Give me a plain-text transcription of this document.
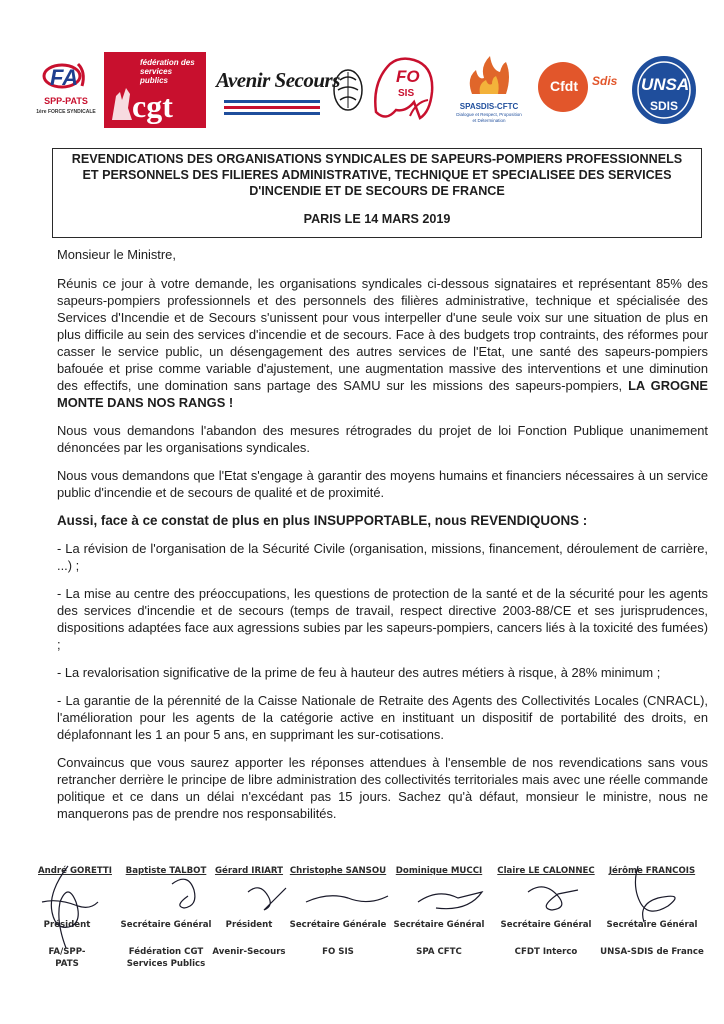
FA
SPP-PATS
1ère FORCE SYNDICALE
fédération des services publics
cgt
Avenir Secours	FO
SIS
SPASDIS-CFTC
Dialogue et Respect, Proposition et Détermination
Cfdt	Sdis UNSA
SDIS
REVENDICATIONS DES ORGANISATIONS SYNDICALES DE SAPEURS-POMPIERS PROFESSIONNELS
ET PERSONNELS DES FILIERES ADMINISTRATIVE, TECHNIQUE ET SPECIALISEE DES SERVICES
D'INCENDIE ET DE SECOURS DE FRANCE
PARIS LE 14 MARS 2019

Monsieur le Ministre,

Réunis ce jour à votre demande, les organisations syndicales ci-dessous signataires et représentant 85% des sapeurs-pompiers professionnels et des personnels des filières administrative, technique et spécialisée des Services d'Incendie et de Secours s'unissent pour vous interpeller d'une seule voix sur une situation de plus en plus difficile au sein des services d'incendie et de secours. Face à des budgets trop contraints, des réformes pour casser le service public, un désengagement des autres services de l'Etat, une santé des sapeurs-pompiers bafouée et prise comme variable d'ajustement, une augmentation massive des interventions et une diminution des effectifs, une domination sans partage des SAMU sur les missions des sapeurs-pompiers, LA GROGNE MONTE DANS NOS RANGS !

Nous vous demandons l'abandon des mesures rétrogrades du projet de loi Fonction Publique unanimement dénoncées par les organisations syndicales.

Nous vous demandons que l'Etat s'engage à garantir des moyens humains et financiers nécessaires à un service public d'incendie et de secours de qualité et de proximité.

Aussi, face à ce constat de plus en plus INSUPPORTABLE, nous REVENDIQUONS :

- La révision de l'organisation de la Sécurité Civile (organisation, missions, financement, déroulement de carrière, ...) ;

- La mise au centre des préoccupations, les questions de protection de la santé et de la sécurité pour les agents des services d'incendie et de secours (temps de travail, respect directive 2003-88/CE et ses jurisprudences, dispositions adaptées face aux agressions subies par les sapeurs-pompiers, cancers liés à la toxicité des fumées) ;

- La revalorisation significative de la prime de feu à hauteur des autres métiers à risque, à 28% minimum ;

- La garantie de la pérennité de la Caisse Nationale de Retraite des Agents des Collectivités Locales (CNRACL), l'amélioration pour les agents de la catégorie active en instituant un dispositif de portabilité des droits, en déplafonnant les 1 an pour 5 ans, en supprimant les sur-cotisations.

Convaincus que vous saurez apporter les réponses attendues à l'ensemble de nos revendications sans vous retrancher derrière le principe de libre administration des collectivités territoriales mais avec une réelle commande politique et ce dans un délai n'excédant pas 15 jours. Sachez qu'à défaut, monsieur le ministre, nous ne manquerons pas de prendre nos responsabilités.

André GORETTI
Président
FA/SPP-PATS
Baptiste TALBOT
Secrétaire Général
Fédération CGT Services Publics
Gérard IRIART
Président
Avenir-Secours
Christophe SANSOU
Secrétaire Générale
FO SIS
Dominique MUCCI
Secrétaire Général
SPA CFTC
Claire LE CALONNEC
Secrétaire Général
CFDT Interco
Jérôme FRANCOIS
Secrétaire Général
UNSA-SDIS de France
